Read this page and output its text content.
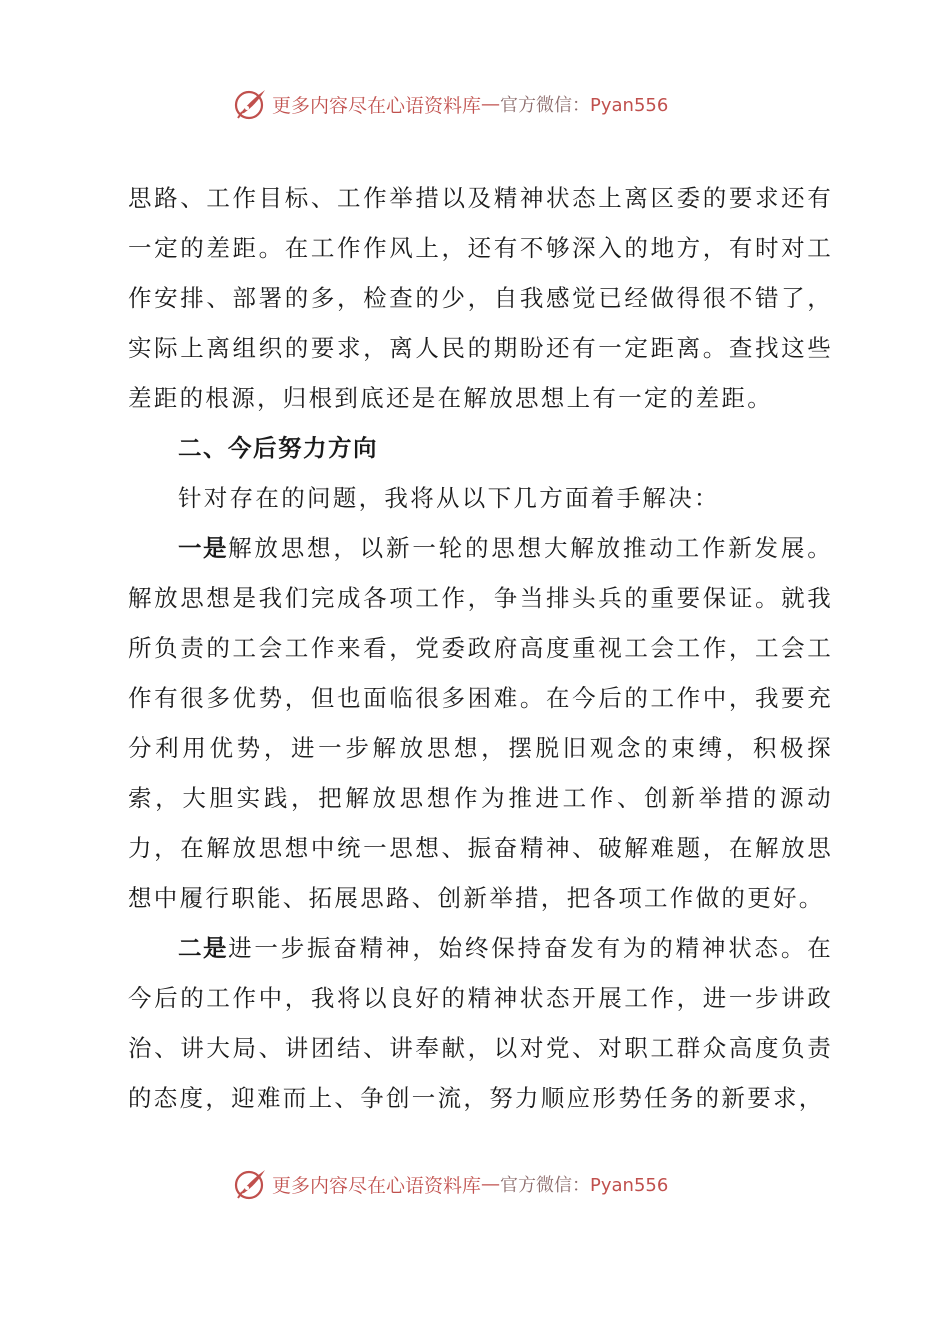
更多内容尽在心语资料库 — 官方微信：Pyan556

思路、工作目标、工作举措以及精神状态上离区委的要求还有一定的差距。在工作作风上，还有不够深入的地方，有时对工作安排、部署的多，检查的少，自我感觉已经做得很不错了，实际上离组织的要求，离人民的期盼还有一定距离。查找这些差距的根源，归根到底还是在解放思想上有一定的差距。

二、今后努力方向

针对存在的问题，我将从以下几方面着手解决：

一是解放思想，以新一轮的思想大解放推动工作新发展。解放思想是我们完成各项工作，争当排头兵的重要保证。就我所负责的工会工作来看，党委政府高度重视工会工作，工会工作有很多优势，但也面临很多困难。在今后的工作中，我要充分利用优势，进一步解放思想，摆脱旧观念的束缚，积极探索，大胆实践，把解放思想作为推进工作、创新举措的源动力，在解放思想中统一思想、振奋精神、破解难题，在解放思想中履行职能、拓展思路、创新举措，把各项工作做的更好。

二是进一步振奋精神，始终保持奋发有为的精神状态。在今后的工作中，我将以良好的精神状态开展工作，进一步讲政治、讲大局、讲团结、讲奉献，以对党、对职工群众高度负责的态度，迎难而上、争创一流，努力顺应形势任务的新要求，

更多内容尽在心语资料库 — 官方微信：Pyan556
